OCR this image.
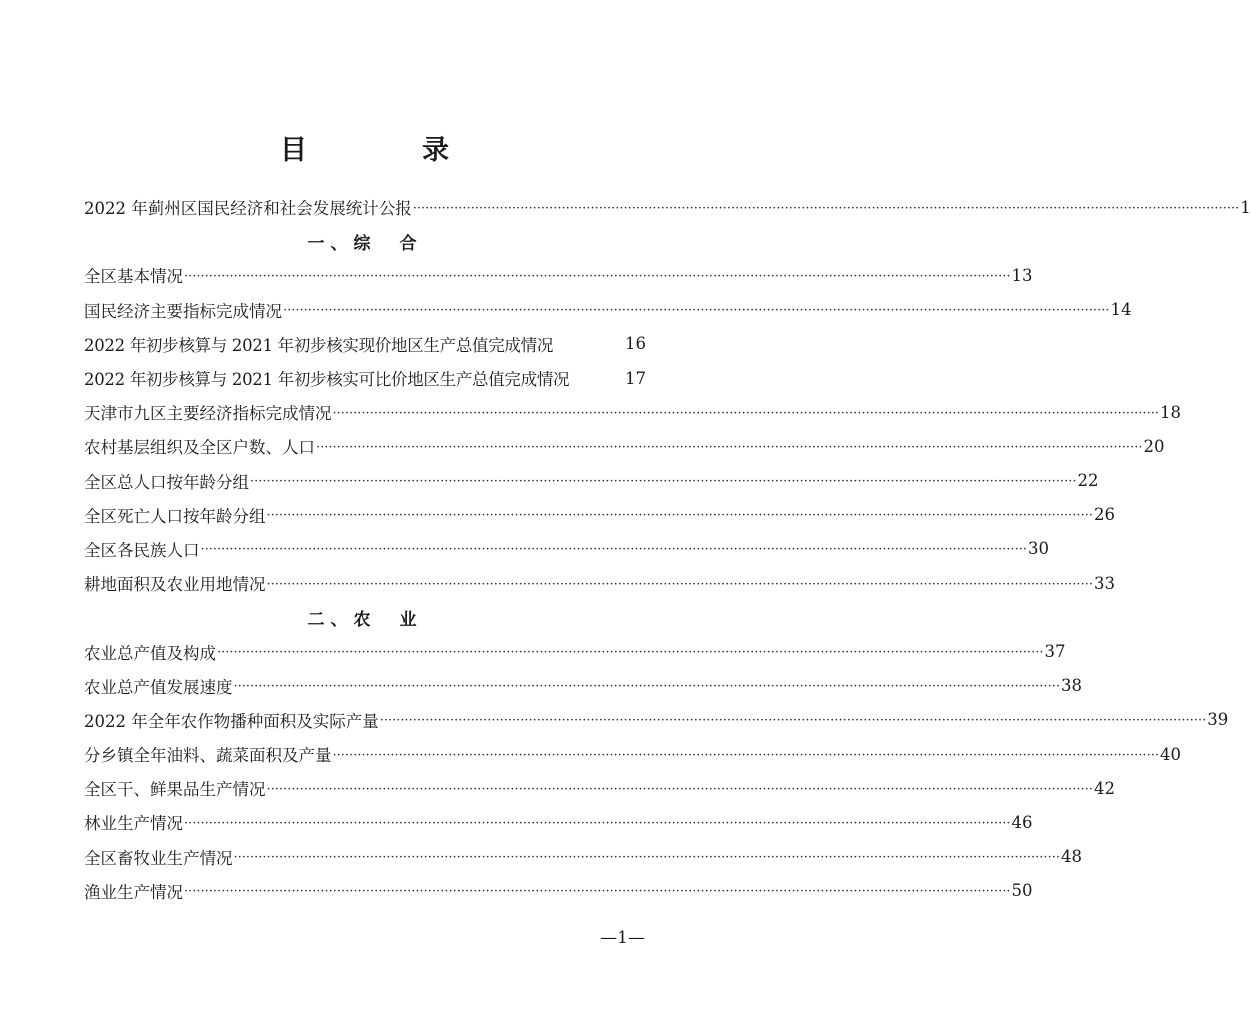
目　录
2022 年蓟州区国民经济和社会发展统计公报 ········································································································································································································ 1
一、综　合
全区基本情况 ········································································································································································································ 13
国民经济主要指标完成情况 ········································································································································································································ 14
2022 年初步核算与 2021 年初步核实现价地区生产总值完成情况	16
2022 年初步核算与 2021 年初步核实可比价地区生产总值完成情况	17
天津市九区主要经济指标完成情况 ········································································································································································································ 18
农村基层组织及全区户数、人口 ········································································································································································································ 20
全区总人口按年龄分组 ········································································································································································································ 22
全区死亡人口按年龄分组 ········································································································································································································ 26
全区各民族人口 ········································································································································································································ 30
耕地面积及农业用地情况 ········································································································································································································ 33
二、农　业
农业总产值及构成 ········································································································································································································ 37
农业总产值发展速度 ········································································································································································································ 38
2022 年全年农作物播种面积及实际产量 ········································································································································································································ 39
分乡镇全年油料、蔬菜面积及产量 ········································································································································································································ 40
全区干、鲜果品生产情况 ········································································································································································································ 42
林业生产情况 ········································································································································································································ 46
全区畜牧业生产情况 ········································································································································································································ 48
渔业生产情况 ········································································································································································································ 50
—1—
